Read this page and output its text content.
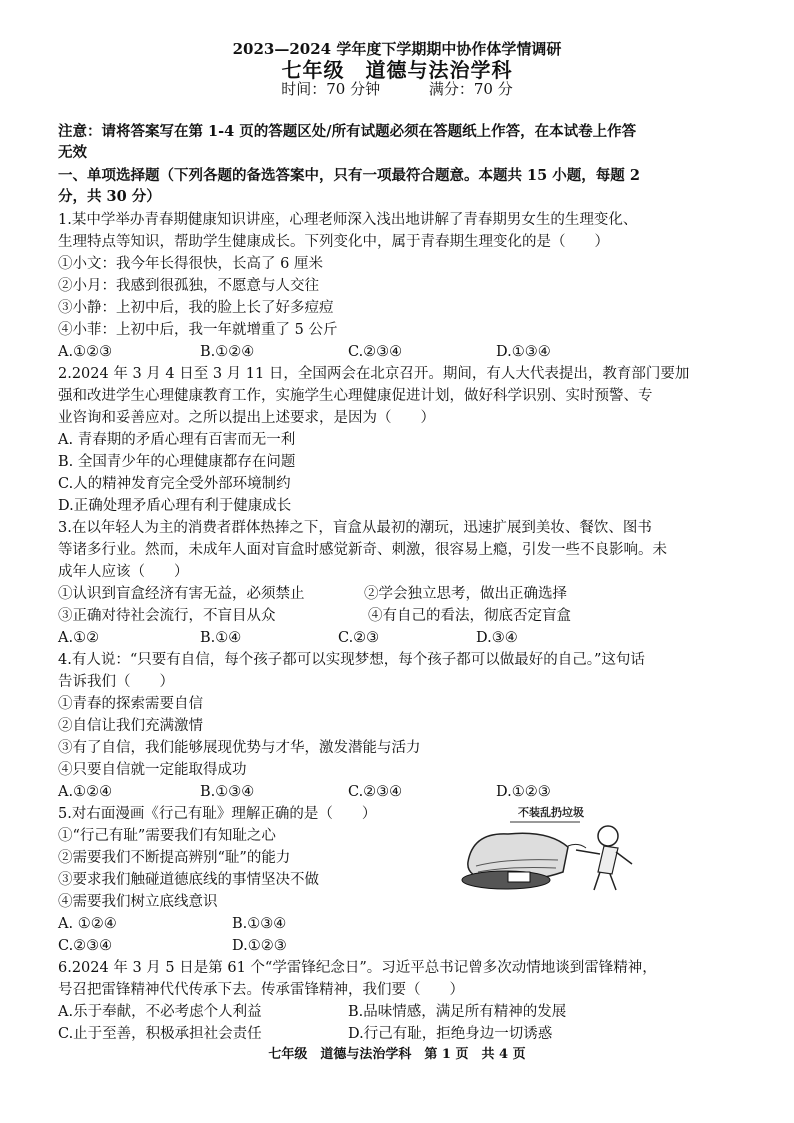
2023—2024 学年度下学期期中协作体学情调研
七年级　道德与法治学科
时间：70 分钟	满分：70 分
注意：请将答案写在第 1-4 页的答题区处/所有试题必须在答题纸上作答，在本试卷上作答
无效
一、单项选择题（下列各题的备选答案中，只有一项最符合题意。本题共 15 小题，每题 2
分，共 30 分）
1.某中学举办青春期健康知识讲座，心理老师深入浅出地讲解了青春期男女生的生理变化、
生理特点等知识，帮助学生健康成长。下列变化中，属于青春期生理变化的是（　　）
①小文：我今年长得很快，长高了 6 厘米
②小月：我感到很孤独，不愿意与人交往
③小静：上初中后，我的脸上长了好多痘痘
④小菲：上初中后，我一年就增重了 5 公斤
A.①②③	B.①②④	C.②③④	D.①③④
2.2024 年 3 月 4 日至 3 月 11 日，全国两会在北京召开。期间，有人大代表提出，教育部门要加
强和改进学生心理健康教育工作，实施学生心理健康促进计划，做好科学识别、实时预警、专
业咨询和妥善应对。之所以提出上述要求，是因为（　　）
A. 青春期的矛盾心理有百害而无一利
B. 全国青少年的心理健康都存在问题
C.人的精神发育完全受外部环境制约
D.正确处理矛盾心理有利于健康成长
3.在以年轻人为主的消费者群体热捧之下，盲盒从最初的潮玩，迅速扩展到美妆、餐饮、图书
等诸多行业。然而，未成年人面对盲盒时感觉新奇、刺激，很容易上瘾，引发一些不良影响。未
成年人应该（　　）
①认识到盲盒经济有害无益，必须禁止	②学会独立思考，做出正确选择
③正确对待社会流行，不盲目从众	④有自己的看法，彻底否定盲盒
A.①②	B.①④	C.②③	D.③④
4.有人说：“只要有自信，每个孩子都可以实现梦想，每个孩子都可以做最好的自己。”这句话
告诉我们（　　）
①青春的探索需要自信
②自信让我们充满激情
③有了自信，我们能够展现优势与才华，激发潜能与活力
④只要自信就一定能取得成功
A.①②④	B.①③④	C.②③④	D.①②③
5.对右面漫画《行己有耻》理解正确的是（　　）
①“行己有耻”需要我们有知耻之心
②需要我们不断提高辨别“耻”的能力
③要求我们触碰道德底线的事情坚决不做
④需要我们树立底线意识
A. ①②④	B.①③④
C.②③④	D.①②③
不装乱扔垃圾
6.2024 年 3 月 5 日是第 61 个“学雷锋纪念日”。习近平总书记曾多次动情地谈到雷锋精神，
号召把雷锋精神代代传承下去。传承雷锋精神，我们要（　　）
A.乐于奉献，不必考虑个人利益	B.品味情感，满足所有精神的发展
C.止于至善，积极承担社会责任	D.行己有耻，拒绝身边一切诱惑
七年级　道德与法治学科　第 1 页　共 4 页
